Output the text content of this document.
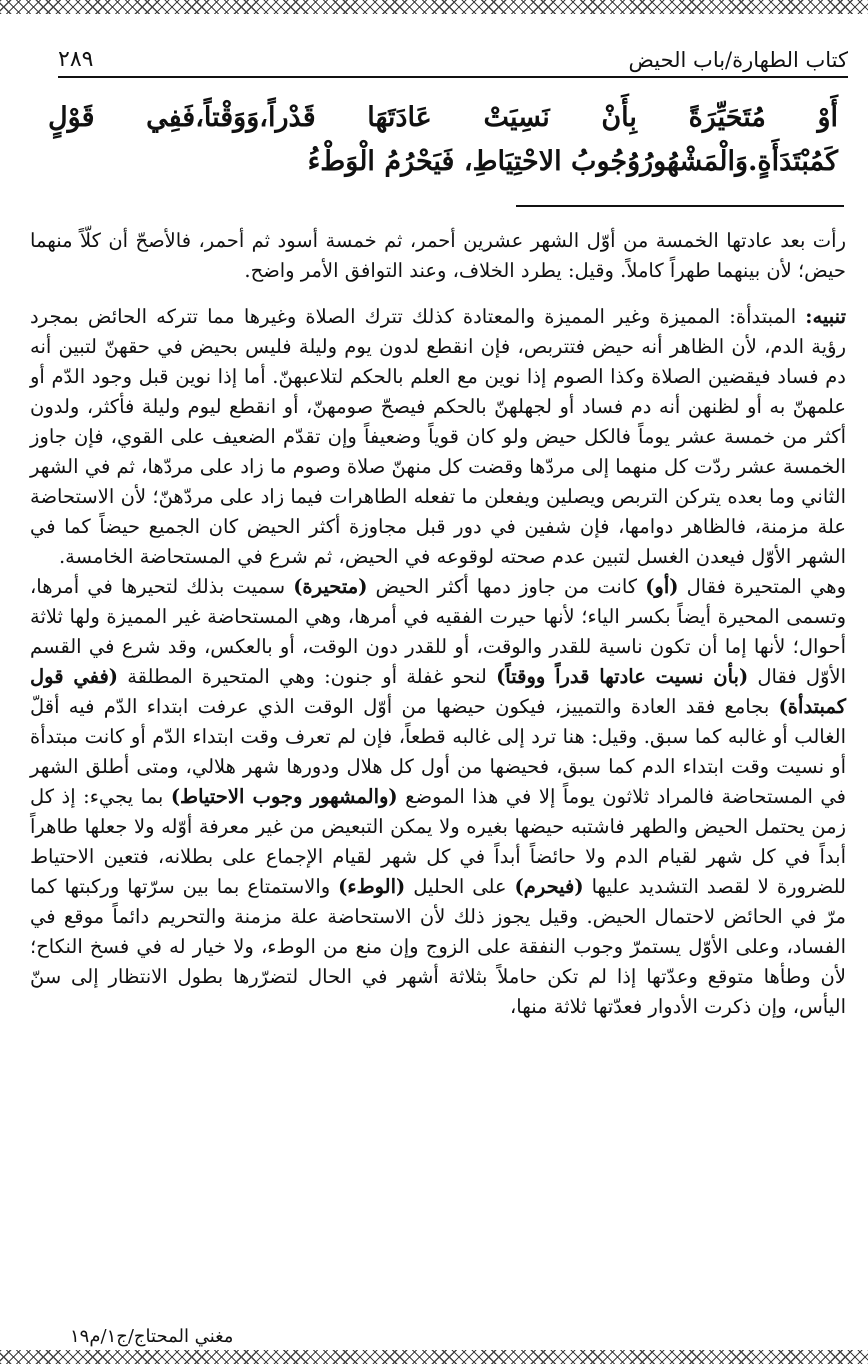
كتاب الطهارة/باب الحيض
٢٨٩
أَوْ مُتَحَيِّرَةً بِأَنْ نَسِيَتْ عَادَتَهَا قَدْراً،وَوَقْتاً،فَفِي قَوْلٍ كَمُبْتَدَأَةٍ.وَالْمَشْهُورُوُجُوبُ الاحْتِيَاطِ، فَيَحْرُمُ الْوَطْءُ

رأت بعد عادتها الخمسة من أوّل الشهر عشرين أحمر، ثم خمسة أسود ثم أحمر، فالأصحّ أن كلّاً منهما حيض؛ لأن بينهما طهراً كاملاً. وقيل: يطرد الخلاف، وعند التوافق الأمر واضح.

تنبيه: المبتدأة: المميزة وغير المميزة والمعتادة كذلك تترك الصلاة وغيرها مما تتركه الحائض بمجرد رؤية الدم، لأن الظاهر أنه حيض فتتربص، فإن انقطع لدون يوم وليلة فليس بحيض في حقهنّ لتبين أنه دم فساد فيقضين الصلاة وكذا الصوم إذا نوين مع العلم بالحكم لتلاعبهنّ. أما إذا نوين قبل وجود الدّم أو علمهنّ به أو لظنهن أنه دم فساد أو لجهلهنّ بالحكم فيصحّ صومهنّ، أو انقطع ليوم وليلة فأكثر، ولدون أكثر من خمسة عشر يوماً فالكل حيض ولو كان قوياً وضعيفاً وإن تقدّم الضعيف على القوي، فإن جاوز الخمسة عشر ردّت كل منهما إلى مردّها وقضت كل منهنّ صلاة وصوم ما زاد على مردّها، ثم في الشهر الثاني وما بعده يتركن التربص ويصلين ويفعلن ما تفعله الطاهرات فيما زاد على مردّهنّ؛ لأن الاستحاضة علة مزمنة، فالظاهر دوامها، فإن شفين في دور قبل مجاوزة أكثر الحيض كان الجميع حيضاً كما في الشهر الأوّل فيعدن الغسل لتبين عدم صحته لوقوعه في الحيض، ثم شرع في المستحاضة الخامسة.

وهي المتحيرة فقال (أو) كانت من جاوز دمها أكثر الحيض (متحيرة) سميت بذلك لتحيرها في أمرها، وتسمى المحيرة أيضاً بكسر الياء؛ لأنها حيرت الفقيه في أمرها، وهي المستحاضة غير المميزة ولها ثلاثة أحوال؛ لأنها إما أن تكون ناسية للقدر والوقت، أو للقدر دون الوقت، أو بالعكس، وقد شرع في القسم الأوّل فقال (بأن نسيت عادتها قدراً ووقتاً) لنحو غفلة أو جنون: وهي المتحيرة المطلقة (ففي قول كمبتدأة) بجامع فقد العادة والتمييز، فيكون حيضها من أوّل الوقت الذي عرفت ابتداء الدّم فيه أقلّ الغالب أو غالبه كما سبق. وقيل: هنا ترد إلى غالبه قطعاً، فإن لم تعرف وقت ابتداء الدّم أو كانت مبتدأة أو نسيت وقت ابتداء الدم كما سبق، فحيضها من أول كل هلال ودورها شهر هلالي، ومتى أطلق الشهر في المستحاضة فالمراد ثلاثون يوماً إلا في هذا الموضع (والمشهور وجوب الاحتياط) بما يجيء: إذ كل زمن يحتمل الحيض والطهر فاشتبه حيضها بغيره ولا يمكن التبعيض من غير معرفة أوّله ولا جعلها طاهراً أبداً في كل شهر لقيام الدم ولا حائضاً أبداً في كل شهر لقيام الإجماع على بطلانه، فتعين الاحتياط للضرورة لا لقصد التشديد عليها (فيحرم) على الحليل (الوطء) والاستمتاع بما بين سرّتها وركبتها كما مرّ في الحائض لاحتمال الحيض. وقيل يجوز ذلك لأن الاستحاضة علة مزمنة والتحريم دائماً موقع في الفساد، وعلى الأوّل يستمرّ وجوب النفقة على الزوج وإن منع من الوطء، ولا خيار له في فسخ النكاح؛ لأن وطأها متوقع وعدّتها إذا لم تكن حاملاً بثلاثة أشهر في الحال لتضرّرها بطول الانتظار إلى سنّ اليأس، وإن ذكرت الأدوار فعدّتها ثلاثة منها،

مغني المحتاج/ج١/م١٩
